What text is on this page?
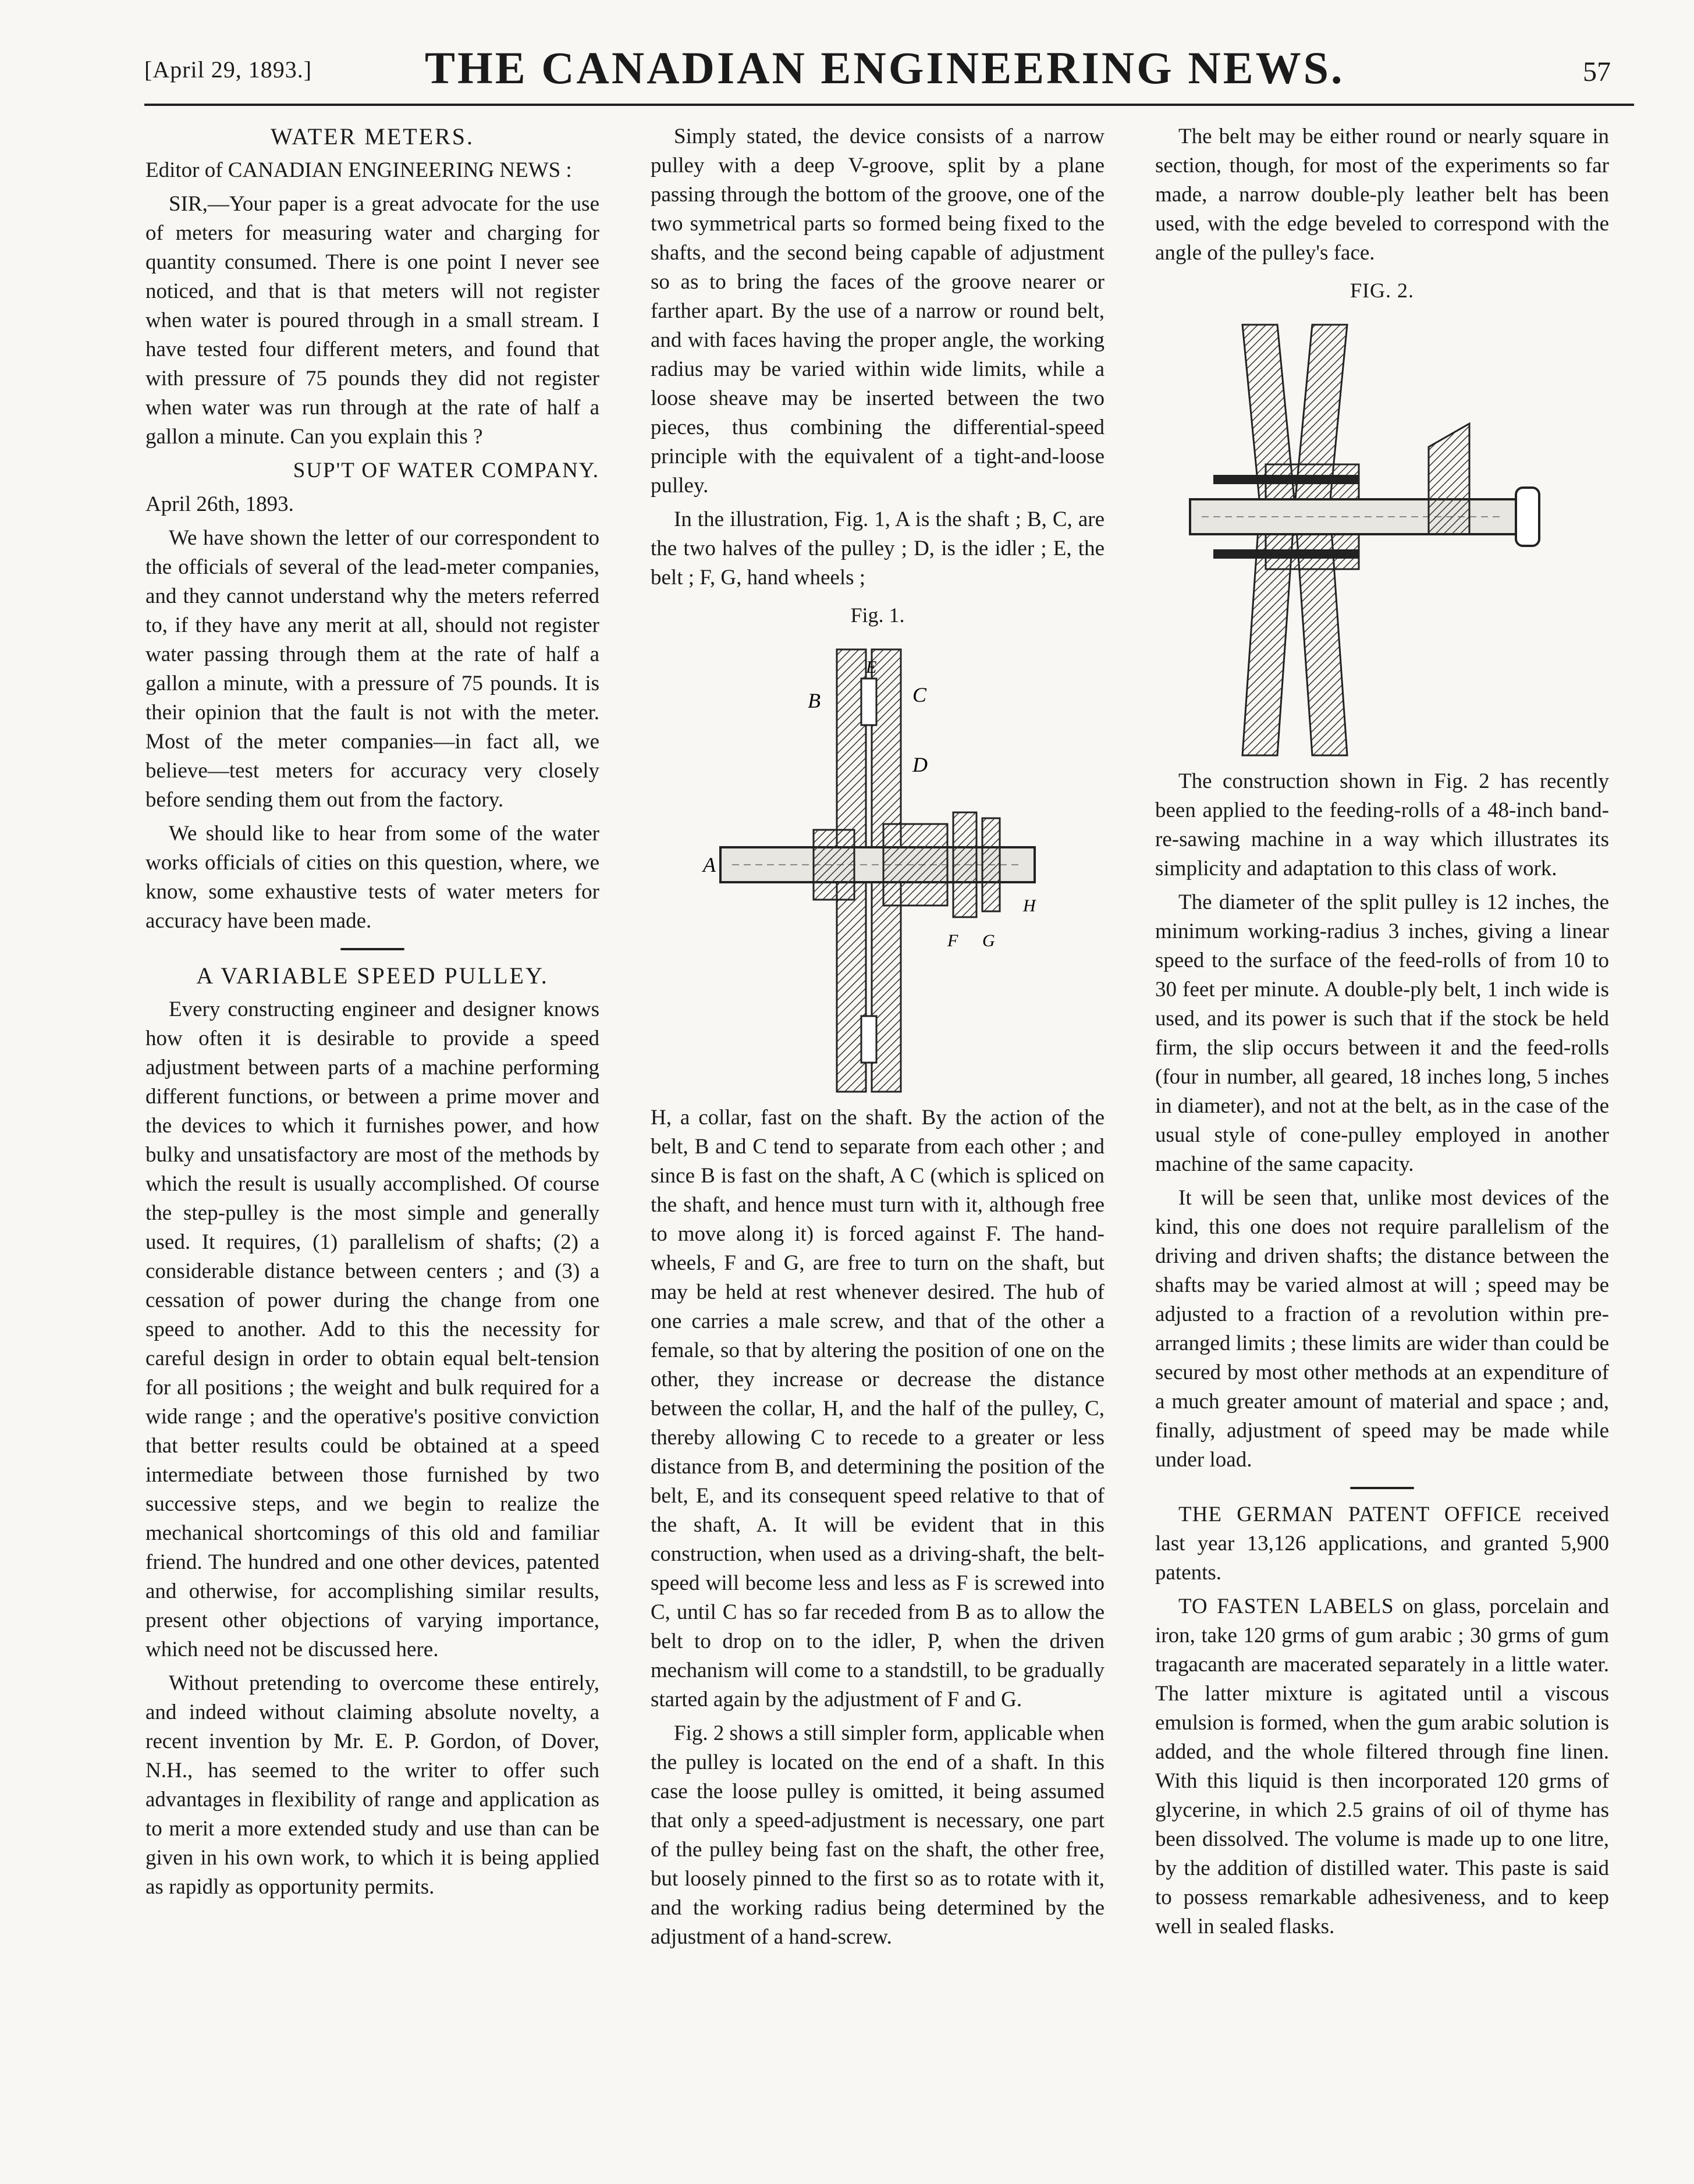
[April 29, 1893.] THE CANADIAN ENGINEERING NEWS.	57
WATER METERS.

Editor of CANADIAN ENGINEERING NEWS :

SIR,—Your paper is a great advocate for the use of meters for measuring water and charging for quantity consumed. There is one point I never see noticed, and that is that meters will not register when water is poured through in a small stream. I have tested four different meters, and found that with pressure of 75 pounds they did not register when water was run through at the rate of half a gallon a minute. Can you explain this ?

SUP'T OF WATER COMPANY.

April 26th, 1893.

We have shown the letter of our correspondent to the officials of several of the lead-meter companies, and they cannot understand why the meters referred to, if they have any merit at all, should not register water passing through them at the rate of half a gallon a minute, with a pressure of 75 pounds. It is their opinion that the fault is not with the meter. Most of the meter companies—in fact all, we believe—test meters for accuracy very closely before sending them out from the factory.

We should like to hear from some of the water works officials of cities on this question, where, we know, some exhaustive tests of water meters for accuracy have been made.

A VARIABLE SPEED PULLEY.

Every constructing engineer and designer knows how often it is desirable to provide a speed adjustment between parts of a machine performing different functions, or between a prime mover and the devices to which it furnishes power, and how bulky and unsatisfactory are most of the methods by which the result is usually accomplished. Of course the step-pulley is the most simple and generally used. It requires, (1) parallelism of shafts; (2) a considerable distance between centers ; and (3) a cessation of power during the change from one speed to another. Add to this the necessity for careful design in order to obtain equal belt-tension for all positions ; the weight and bulk required for a wide range ; and the operative's positive conviction that better results could be obtained at a speed intermediate between those furnished by two successive steps, and we begin to realize the mechanical shortcomings of this old and familiar friend. The hundred and one other devices, patented and otherwise, for accomplishing similar results, present other objections of varying importance, which need not be discussed here.

Without pretending to overcome these entirely, and indeed without claiming absolute novelty, a recent invention by Mr. E. P. Gordon, of Dover, N.H., has seemed to the writer to offer such advantages in flexibility of range and application as to merit a more extended study and use than can be given in his own work, to which it is being applied as rapidly as opportunity permits.

Simply stated, the device consists of a narrow pulley with a deep V-groove, split by a plane passing through the bottom of the groove, one of the two symmetrical parts so formed being fixed to the shafts, and the second being capable of adjustment so as to bring the faces of the groove nearer or farther apart. By the use of a narrow or round belt, and with faces having the proper angle, the working radius may be varied within wide limits, while a loose sheave may be inserted between the two pieces, thus combining the differential-speed principle with the equivalent of a tight-and-loose pulley.

In the illustration, Fig. 1, A is the shaft ; B, C, are the two halves of the pulley ; D, is the idler ; E, the belt ; F, G, hand wheels ;

Fig. 1.
B	C
D
E
A
F G
H

H, a collar, fast on the shaft. By the action of the belt, B and C tend to separate from each other ; and since B is fast on the shaft, A C (which is spliced on the shaft, and hence must turn with it, although free to move along it) is forced against F. The hand-wheels, F and G, are free to turn on the shaft, but may be held at rest whenever desired. The hub of one carries a male screw, and that of the other a female, so that by altering the position of one on the other, they increase or decrease the distance between the collar, H, and the half of the pulley, C, thereby allowing C to recede to a greater or less distance from B, and determining the position of the belt, E, and its consequent speed relative to that of the shaft, A. It will be evident that in this construction, when used as a driving-shaft, the belt-speed will become less and less as F is screwed into C, until C has so far receded from B as to allow the belt to drop on to the idler, P, when the driven mechanism will come to a standstill, to be gradually started again by the adjustment of F and G.

Fig. 2 shows a still simpler form, applicable when the pulley is located on the end of a shaft. In this case the loose pulley is omitted, it being assumed that only a speed-adjustment is necessary, one part of the pulley being fast on the shaft, the other free, but loosely pinned to the first so as to rotate with it, and the working radius being determined by the adjustment of a hand-screw.

The belt may be either round or nearly square in section, though, for most of the experiments so far made, a narrow double-ply leather belt has been used, with the edge beveled to correspond with the angle of the pulley's face.

FIG. 2.

The construction shown in Fig. 2 has recently been applied to the feeding-rolls of a 48-inch band-re-sawing machine in a way which illustrates its simplicity and adaptation to this class of work.

The diameter of the split pulley is 12 inches, the minimum working-radius 3 inches, giving a linear speed to the surface of the feed-rolls of from 10 to 30 feet per minute. A double-ply belt, 1 inch wide is used, and its power is such that if the stock be held firm, the slip occurs between it and the feed-rolls (four in number, all geared, 18 inches long, 5 inches in diameter), and not at the belt, as in the case of the usual style of cone-pulley employed in another machine of the same capacity.

It will be seen that, unlike most devices of the kind, this one does not require parallelism of the driving and driven shafts; the distance between the shafts may be varied almost at will ; speed may be adjusted to a fraction of a revolution within pre-arranged limits ; these limits are wider than could be secured by most other methods at an expenditure of a much greater amount of material and space ; and, finally, adjustment of speed may be made while under load.

THE GERMAN PATENT OFFICE received last year 13,126 applications, and granted 5,900 patents.

TO FASTEN LABELS on glass, porcelain and iron, take 120 grms of gum arabic ; 30 grms of gum tragacanth are macerated separately in a little water. The latter mixture is agitated until a viscous emulsion is formed, when the gum arabic solution is added, and the whole filtered through fine linen. With this liquid is then incorporated 120 grms of glycerine, in which 2.5 grains of oil of thyme has been dissolved. The volume is made up to one litre, by the addition of distilled water. This paste is said to possess remarkable adhesiveness, and to keep well in sealed flasks.
